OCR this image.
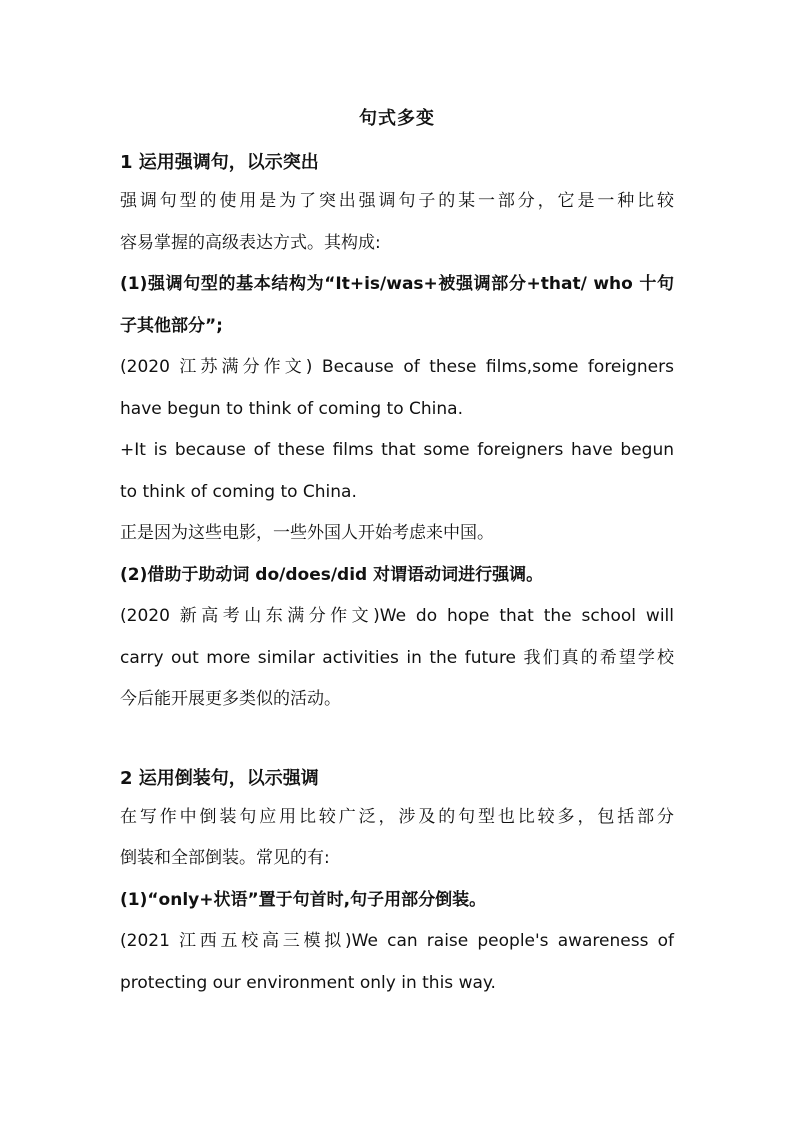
句式多变
1 运用强调句，以示突出

强调句型的使用是为了突出强调句子的某一部分，它是一种比较

容易掌握的高级表达方式。其构成:

(1)强调句型的基本结构为“It+is/was+被强调部分+that/ who 十句

子其他部分”;

(2020 江苏满分作文) Because of these films,some foreigners

have begun to think of coming to China.

+It is because of these films that some foreigners have begun

to think of coming to China.

正是因为这些电影，一些外国人开始考虑来中国。

(2)借助于助动词 do/does/did 对谓语动词进行强调。

(2020 新高考山东满分作文)We do hope that the school will

carry out more similar activities in the future 我们真的希望学校

今后能开展更多类似的活动。

2 运用倒装句，以示强调

在写作中倒装句应用比较广泛，涉及的句型也比较多，包括部分

倒装和全部倒装。常见的有:

(1)“only+状语”置于句首时,句子用部分倒装。

(2021 江西五校高三模拟)We can raise people's awareness of

protecting our environment only in this way.
